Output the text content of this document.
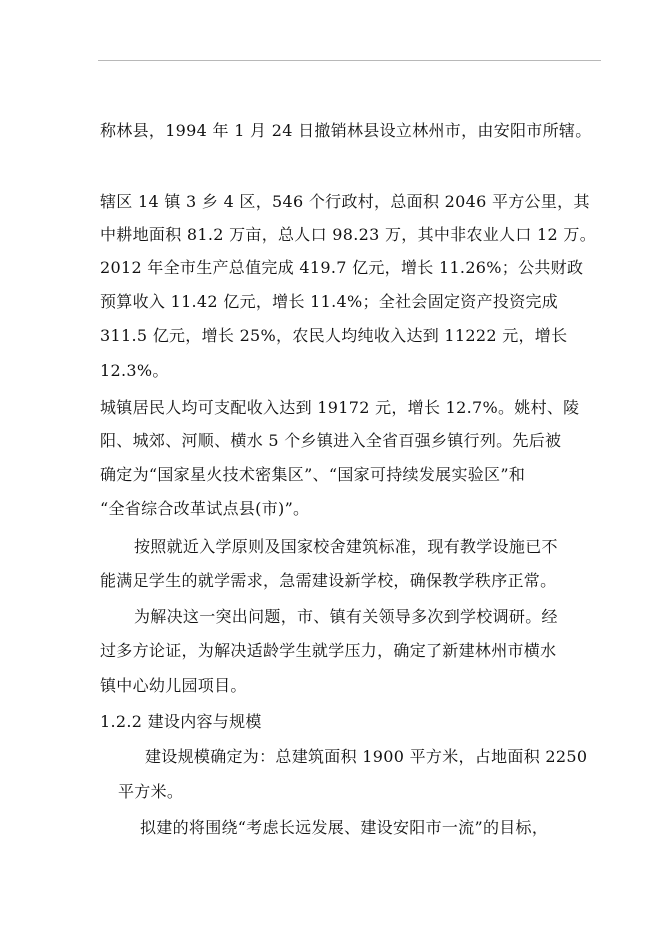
称林县，1994 年 1 月 24 日撤销林县设立林州市，由安阳市所辖。

辖区 14 镇 3 乡 4 区，546 个行政村，总面积 2046 平方公里，其

中耕地面积 81.2 万亩，总人口 98.23 万，其中非农业人口 12 万。

2012 年全市生产总值完成 419.7 亿元，增长 11.26%；公共财政

预算收入 11.42 亿元，增长 11.4%；全社会固定资产投资完成

311.5 亿元，增长 25%，农民人均纯收入达到 11222 元，增长

12.3%。

城镇居民人均可支配收入达到 19172 元，增长 12.7%。姚村、陵

阳、城郊、河顺、横水 5 个乡镇进入全省百强乡镇行列。先后被

确定为“国家星火技术密集区”、“国家可持续发展实验区”和

“全省综合改革试点县(市)”。

按照就近入学原则及国家校舍建筑标准，现有教学设施已不

能满足学生的就学需求，急需建设新学校，确保教学秩序正常。

为解决这一突出问题，市、镇有关领导多次到学校调研。经

过多方论证，为解决适龄学生就学压力，确定了新建林州市横水

镇中心幼儿园项目。

1.2.2 建设内容与规模

建设规模确定为：总建筑面积 1900 平方米，占地面积 2250

平方米。

拟建的将围绕“考虑长远发展、建设安阳市一流”的目标，
